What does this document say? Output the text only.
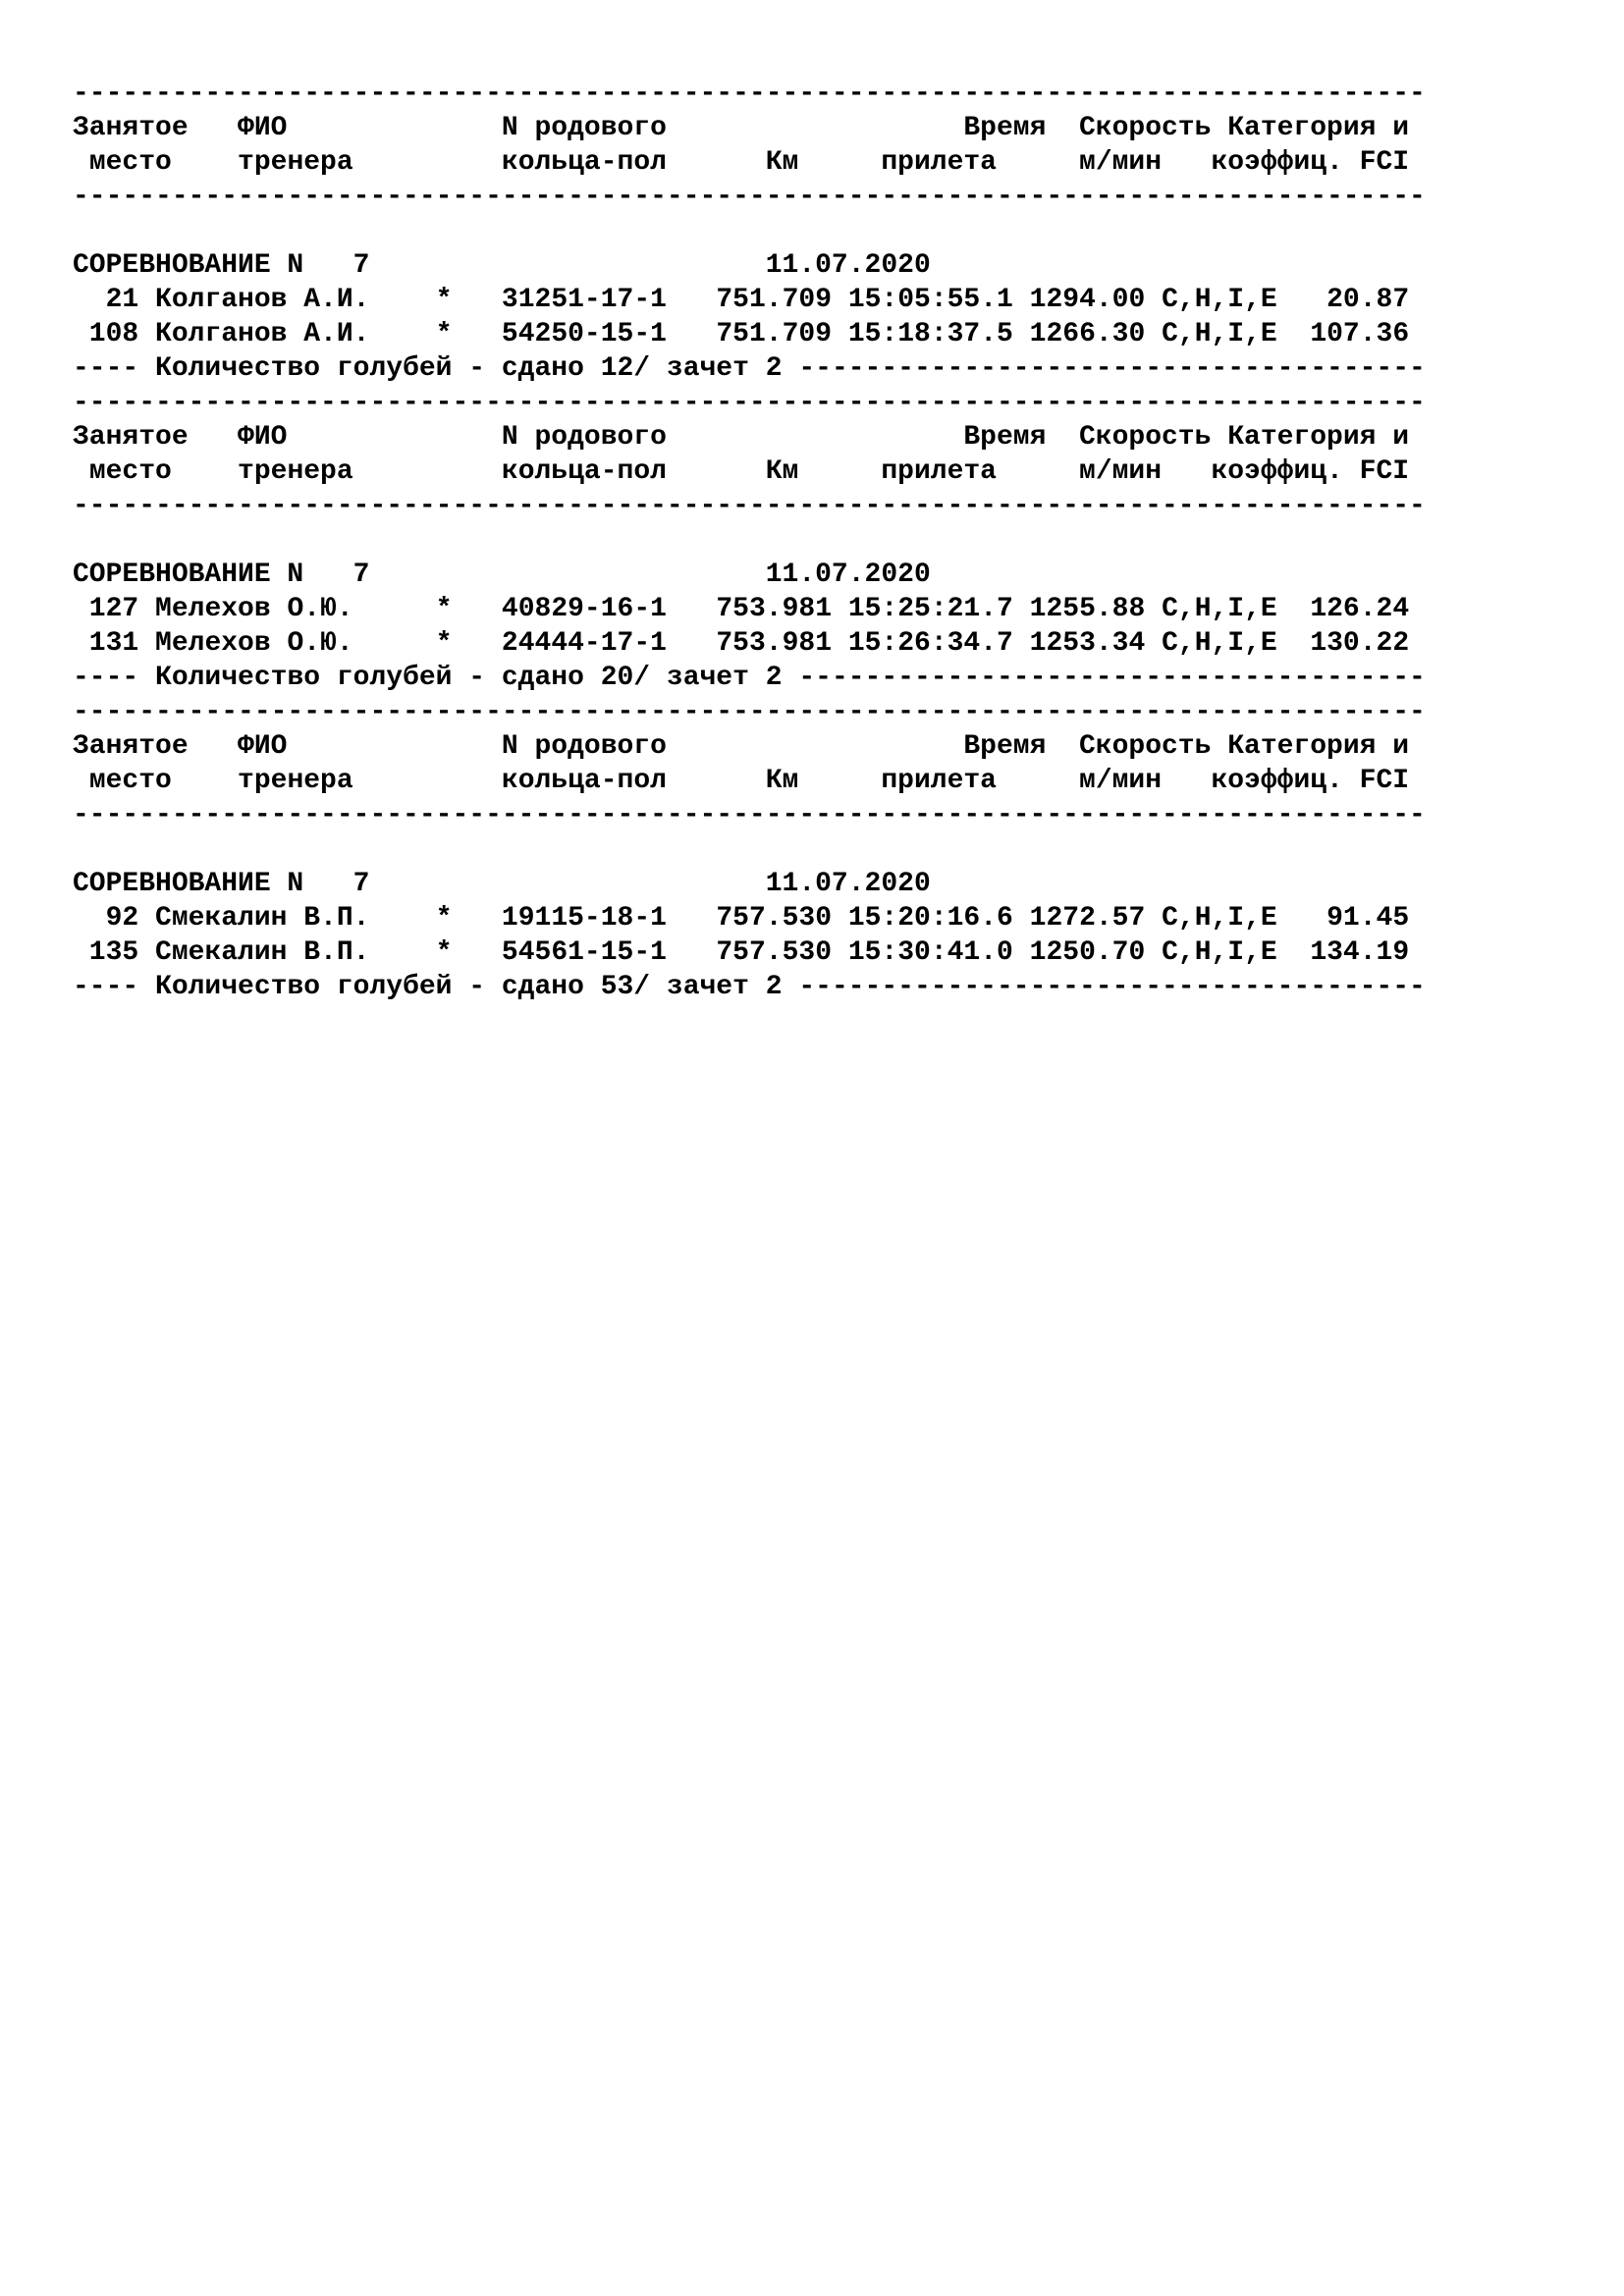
----------------------------------------------------------------------------------
Занятое   ФИО             N родового	Время Скорость Категория и
место    тренера         кольца-пол      Км     прилета     м/мин   коэффиц. FCI
----------------------------------------------------------------------------------

СОРЕВНОВАНИЕ N   7                        11.07.2020
21 Колганов А.И.    * 31251-17-1 751.709 15:05:55.1 1294.00 C,H,I,E   20.87
108 Колганов А.И.    * 54250-15-1 751.709 15:18:37.5 1266.30 C,H,I,E  107.36
---- Количество голубей - сдано 12/ зачет 2 --------------------------------------
----------------------------------------------------------------------------------
Занятое   ФИО             N родового	Время Скорость Категория и
место    тренера         кольца-пол      Км     прилета     м/мин   коэффиц. FCI
----------------------------------------------------------------------------------

СОРЕВНОВАНИЕ N   7                        11.07.2020
127 Мелехов О.Ю.     * 40829-16-1 753.981 15:25:21.7 1255.88 C,H,I,E  126.24
131 Мелехов О.Ю.     * 24444-17-1 753.981 15:26:34.7 1253.34 C,H,I,E  130.22
---- Количество голубей - сдано 20/ зачет 2 --------------------------------------
----------------------------------------------------------------------------------
Занятое   ФИО             N родового	Время Скорость Категория и
место    тренера         кольца-пол      Км     прилета     м/мин   коэффиц. FCI
----------------------------------------------------------------------------------

СОРЕВНОВАНИЕ N   7                        11.07.2020
92 Смекалин В.П.    * 19115-18-1 757.530 15:20:16.6 1272.57 C,H,I,E   91.45
135 Смекалин В.П.    * 54561-15-1 757.530 15:30:41.0 1250.70 C,H,I,E  134.19
---- Количество голубей - сдано 53/ зачет 2 --------------------------------------
